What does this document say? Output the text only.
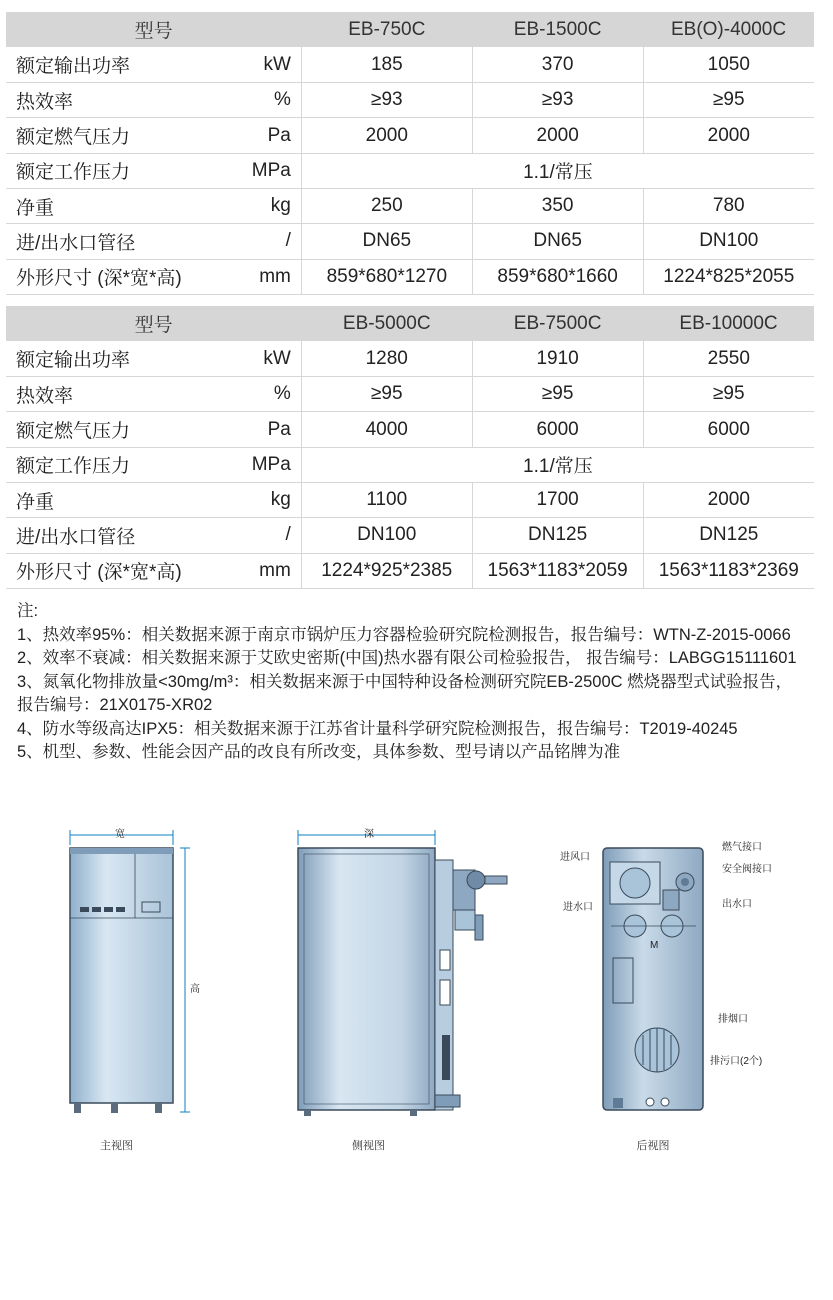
型号		EB-750C	EB-1500C	EB(O)-4000C
额定输出功率	kW	185	370	1050
热效率	%	≥93	≥93	≥95
额定燃气压力	Pa	2000	2000	2000
额定工作压力	MPa	1.1/常压		
净重	kg	250	350	780
进/出水口管径	/	DN65	DN65	DN100
外形尺寸 (深*宽*高)	mm	859*680*1270	859*680*1660	1224*825*2055
型号		EB-5000C	EB-7500C	EB-10000C
额定输出功率	kW	1280	1910	2550
热效率	%	≥95	≥95	≥95
额定燃气压力	Pa	4000	6000	6000
额定工作压力	MPa	1.1/常压		
净重	kg	1100	1700	2000
进/出水口管径	/	DN100	DN125	DN125
外形尺寸 (深*宽*高)	mm	1224*925*2385	1563*1183*2059	1563*1183*2369

注:

1、热效率95%：相关数据来源于南京市锅炉压力容器检验研究院检测报告，报告编号：WTN-Z-2015-0066

2、效率不衰减：相关数据来源于艾欧史密斯(中国)热水器有限公司检验报告， 报告编号：LABGG15111601

3、氮氧化物排放量<30mg/m³：相关数据来源于中国特种设备检测研究院EB-2500C 燃烧器型式试验报告，

报告编号：21X0175-XR02

4、防水等级高达IPX5：相关数据来源于江苏省计量科学研究院检测报告，报告编号：T2019-40245

5、机型、参数、性能会因产品的改良有所改变，具体参数、型号请以产品铭牌为准

宽
高
主视图
深
侧视图
进风口
燃气接口
安全阀接口
进水口	出水口
M
排烟口
排污口(2个)
后视图
